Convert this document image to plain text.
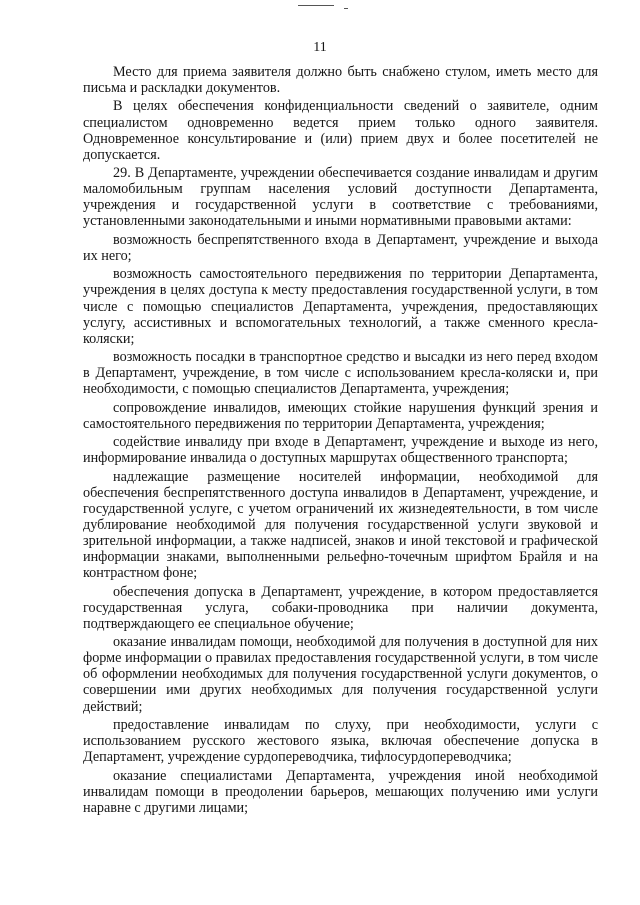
11

Место для приема заявителя должно быть снабжено стулом, иметь место для письма и раскладки документов.

В целях обеспечения конфиденциальности сведений о заявителе, одним специалистом одновременно ведется прием только одного заявителя. Одновременное консультирование и (или) прием двух и более посетителей не допускается.

29. В Департаменте, учреждении обеспечивается создание инвалидам и другим маломобильным группам населения условий доступности Департамента, учреждения и государственной услуги в соответствие с требованиями, установленными законодательными и иными нормативными правовыми актами:

возможность беспрепятственного входа в Департамент, учреждение и выхода их него;

возможность самостоятельного передвижения по территории Департамента, учреждения в целях доступа к месту предоставления государственной услуги, в том числе с помощью специалистов Департамента, учреждения, предоставляющих услугу, ассистивных и вспомогательных технологий, а также сменного кресла-коляски;

возможность посадки в транспортное средство и высадки из него перед входом в Департамент, учреждение, в том числе с использованием кресла-коляски и, при необходимости, с помощью специалистов Департамента, учреждения;

сопровождение инвалидов, имеющих стойкие нарушения функций зрения и самостоятельного передвижения по территории Департамента, учреждения;

содействие инвалиду при входе в Департамент, учреждение и выходе из него, информирование инвалида о доступных маршрутах общественного транспорта;

надлежащие размещение носителей информации, необходимой для обеспечения беспрепятственного доступа инвалидов в Департамент, учреждение, и государственной услуге, с учетом ограничений их жизнедеятельности, в том числе дублирование необходимой для получения государственной услуги звуковой и зрительной информации, а также надписей, знаков и иной текстовой и графической информации знаками, выполненными рельефно-точечным шрифтом Брайля и на контрастном фоне;

обеспечения допуска в Департамент, учреждение, в котором предоставляется государственная услуга, собаки-проводника при наличии документа, подтверждающего ее специальное обучение;

оказание инвалидам помощи, необходимой для получения в доступной для них форме информации о правилах предоставления государственной услуги, в том числе об оформлении необходимых для получения государственной услуги документов, о совершении ими других необходимых для получения государственной услуги действий;

предоставление инвалидам по слуху, при необходимости, услуги с использованием русского жестового языка, включая обеспечение допуска в Департамент, учреждение сурдопереводчика, тифлосурдопереводчика;

оказание специалистами Департамента, учреждения иной необходимой инвалидам помощи в преодолении барьеров, мешающих получению ими услуги наравне с другими лицами;
